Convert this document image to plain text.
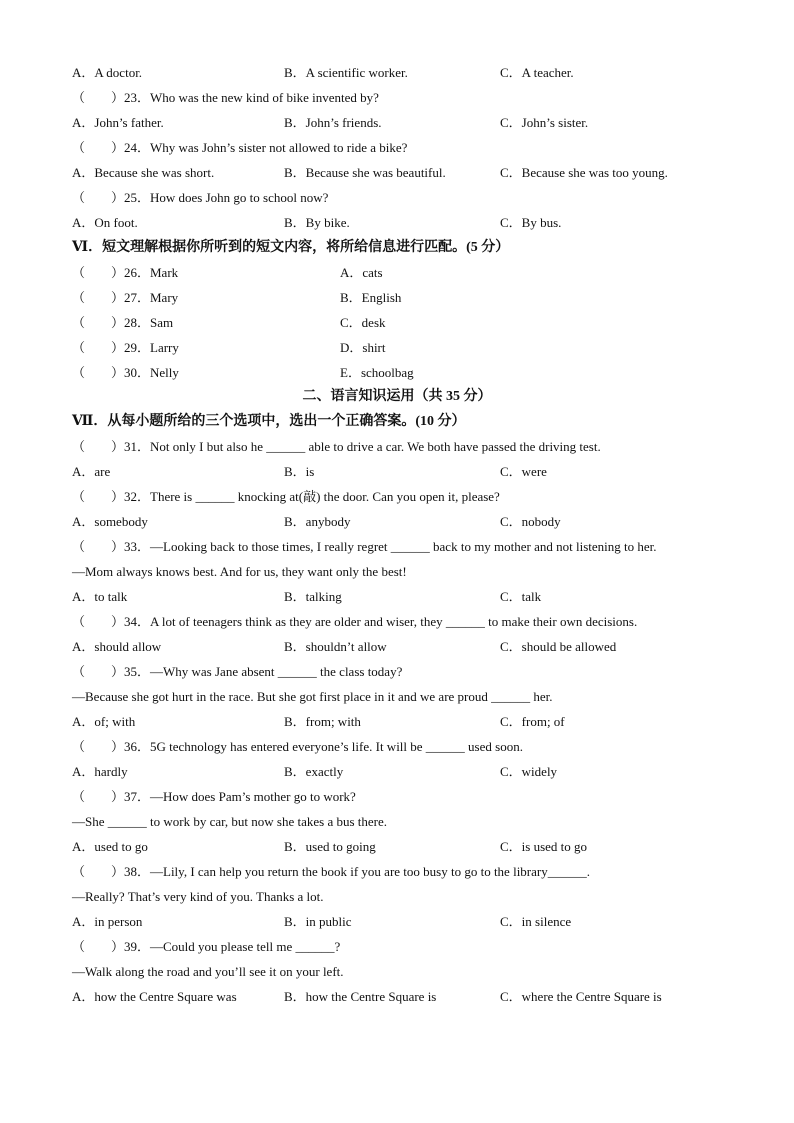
A．A doctor.	B．A scientific worker.	C．A teacher.
（　　）23．Who was the new kind of bike invented by?
A．John’s father.	B．John’s friends.	C．John’s sister.
（　　）24．Why was John’s sister not allowed to ride a bike?
A．Because she was short.	B．Because she was beautiful.	C．Because she was too young.
（　　）25．How does John go to school now?
A．On foot.	B．By bike.	C．By bus.
Ⅵ．短文理解根据你所听到的短文内容，将所给信息进行匹配。(5 分）
（　　）26．Mark	A．cats
（　　）27．Mary	B．English
（　　）28．Sam	C．desk
（　　）29．Larry	D．shirt
（　　）30．Nelly	E．schoolbag
二、语言知识运用（共 35 分）
Ⅶ．从每小题所给的三个选项中，选出一个正确答案。(10 分）
（　　）31．Not only I but also he ______ able to drive a car. We both have passed the driving test.
A．are	B．is	C．were
（　　）32．There is ______ knocking at(敲) the door. Can you open it, please?
A．somebody	B．anybody	C．nobody
（　　）33．—Looking back to those times, I really regret ______ back to my mother and not listening to her.
—Mom always knows best. And for us, they want only the best!
A．to talk	B．talking	C．talk
（　　）34．A lot of teenagers think as they are older and wiser, they ______ to make their own decisions.
A．should allow	B．shouldn’t allow	C．should be allowed
（　　）35．—Why was Jane absent ______ the class today?
—Because she got hurt in the race. But she got first place in it and we are proud ______ her.
A．of; with	B．from; with	C．from; of
（　　）36．5G technology has entered everyone’s life. It will be ______ used soon.
A．hardly	B．exactly	C．widely
（　　）37．—How does Pam’s mother go to work?
—She ______ to work by car, but now she takes a bus there.
A．used to go	B．used to going	C．is used to go
（　　）38．—Lily, I can help you return the book if you are too busy to go to the library______.
—Really? That’s very kind of you. Thanks a lot.
A．in person	B．in public	C．in silence
（　　）39．—Could you please tell me ______?
—Walk along the road and you’ll see it on your left.
A．how the Centre Square was	B．how the Centre Square is	C．where the Centre Square is
